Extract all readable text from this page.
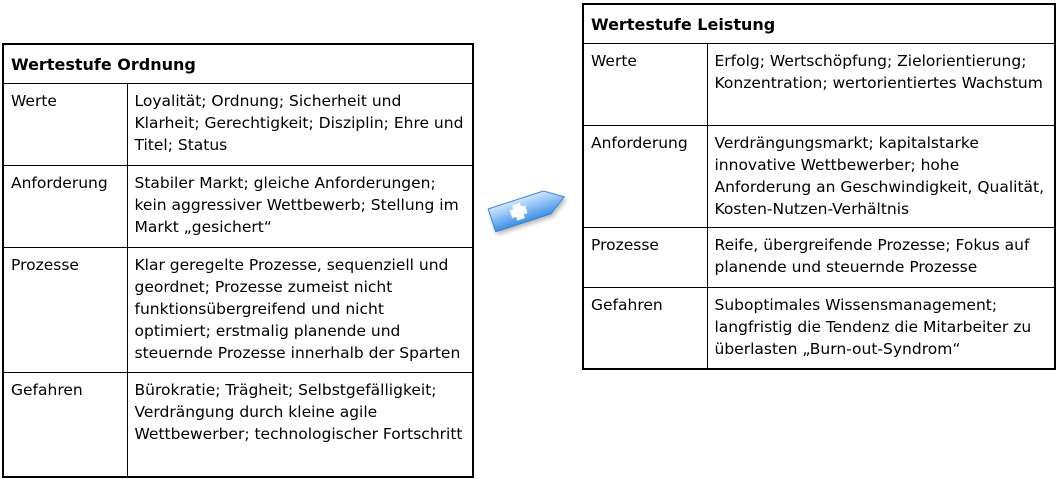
Wertestufe Ordnung	
Werte	Loyalität; Ordnung; Sicherheit und Klarheit; Gerechtigkeit; Disziplin; Ehre und Titel; Status
Anforderung	Stabiler Markt; gleiche Anforderungen; kein aggressiver Wettbewerb; Stellung im Markt „gesichert“
Prozesse	Klar geregelte Prozesse, sequenziell und geordnet; Prozesse zumeist nicht funktionsübergreifend und nicht optimiert; erstmalig planende und steuernde Prozesse innerhalb der Sparten
Gefahren	Bürokratie; Trägheit; Selbstgefälligkeit; Verdrängung durch kleine agile Wettbewerber; technologischer Fortschritt
Wertestufe Leistung	
Werte	Erfolg; Wertschöpfung; Zielorientierung; Konzentration; wertorientiertes Wachstum
Anforderung	Verdrängungsmarkt; kapitalstarke innovative Wettbewerber; hohe Anforderung an Geschwindigkeit, Qualität, Kosten-Nutzen-Verhältnis
Prozesse	Reife, übergreifende Prozesse; Fokus auf planende und steuernde Prozesse
Gefahren	Suboptimales Wissensmanagement; langfristig die Tendenz die Mitarbeiter zu überlasten „Burn-out-Syndrom“
